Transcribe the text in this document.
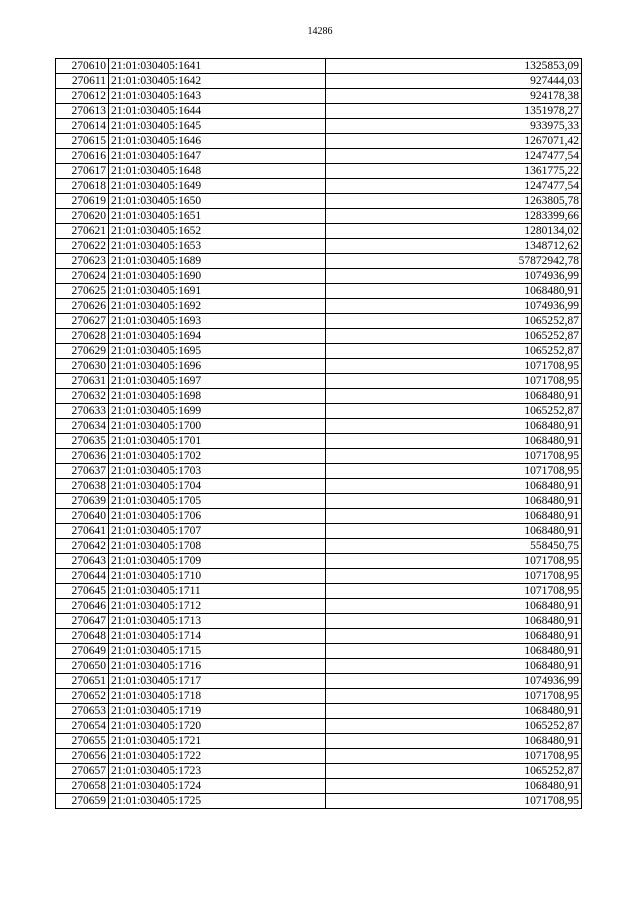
14286
270610	21:01:030405:1641	1325853,09
270611	21:01:030405:1642	927444,03
270612	21:01:030405:1643	924178,38
270613	21:01:030405:1644	1351978,27
270614	21:01:030405:1645	933975,33
270615	21:01:030405:1646	1267071,42
270616	21:01:030405:1647	1247477,54
270617	21:01:030405:1648	1361775,22
270618	21:01:030405:1649	1247477,54
270619	21:01:030405:1650	1263805,78
270620	21:01:030405:1651	1283399,66
270621	21:01:030405:1652	1280134,02
270622	21:01:030405:1653	1348712,62
270623	21:01:030405:1689	57872942,78
270624	21:01:030405:1690	1074936,99
270625	21:01:030405:1691	1068480,91
270626	21:01:030405:1692	1074936,99
270627	21:01:030405:1693	1065252,87
270628	21:01:030405:1694	1065252,87
270629	21:01:030405:1695	1065252,87
270630	21:01:030405:1696	1071708,95
270631	21:01:030405:1697	1071708,95
270632	21:01:030405:1698	1068480,91
270633	21:01:030405:1699	1065252,87
270634	21:01:030405:1700	1068480,91
270635	21:01:030405:1701	1068480,91
270636	21:01:030405:1702	1071708,95
270637	21:01:030405:1703	1071708,95
270638	21:01:030405:1704	1068480,91
270639	21:01:030405:1705	1068480,91
270640	21:01:030405:1706	1068480,91
270641	21:01:030405:1707	1068480,91
270642	21:01:030405:1708	558450,75
270643	21:01:030405:1709	1071708,95
270644	21:01:030405:1710	1071708,95
270645	21:01:030405:1711	1071708,95
270646	21:01:030405:1712	1068480,91
270647	21:01:030405:1713	1068480,91
270648	21:01:030405:1714	1068480,91
270649	21:01:030405:1715	1068480,91
270650	21:01:030405:1716	1068480,91
270651	21:01:030405:1717	1074936,99
270652	21:01:030405:1718	1071708,95
270653	21:01:030405:1719	1068480,91
270654	21:01:030405:1720	1065252,87
270655	21:01:030405:1721	1068480,91
270656	21:01:030405:1722	1071708,95
270657	21:01:030405:1723	1065252,87
270658	21:01:030405:1724	1068480,91
270659	21:01:030405:1725	1071708,95
